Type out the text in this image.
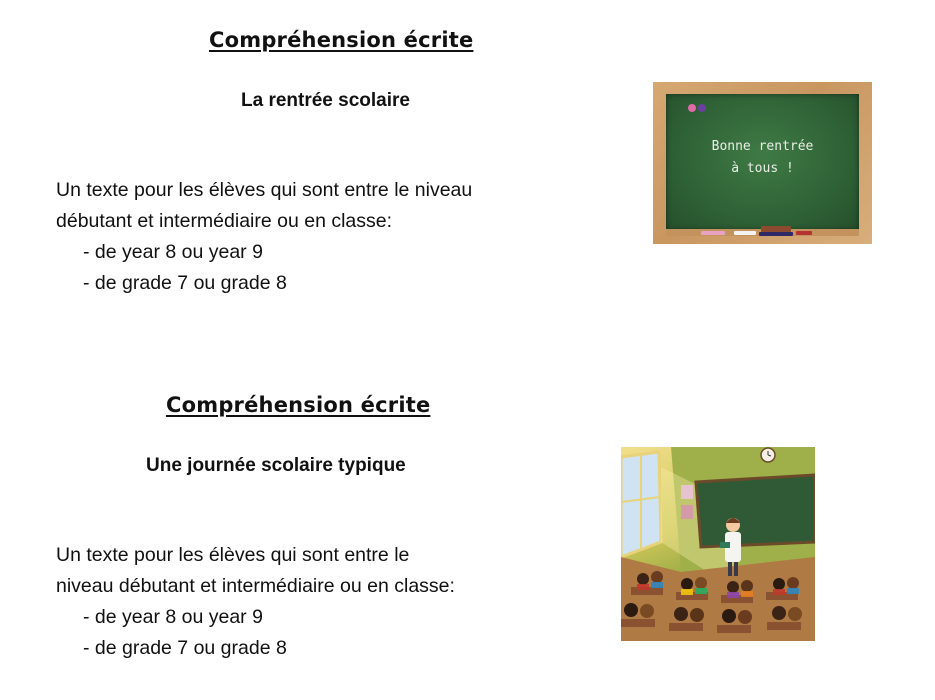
Compréhension écrite
La rentrée scolaire
Un texte pour les élèves qui sont entre le niveau
débutant et intermédiaire ou en classe:
- de year 8 ou year 9
- de grade 7 ou grade 8
Bonne rentrée
à tous !
Compréhension écrite
Une journée scolaire typique
Un texte pour les élèves qui sont entre le
niveau débutant et intermédiaire ou en classe:
- de year 8 ou year 9
- de grade 7 ou grade 8
